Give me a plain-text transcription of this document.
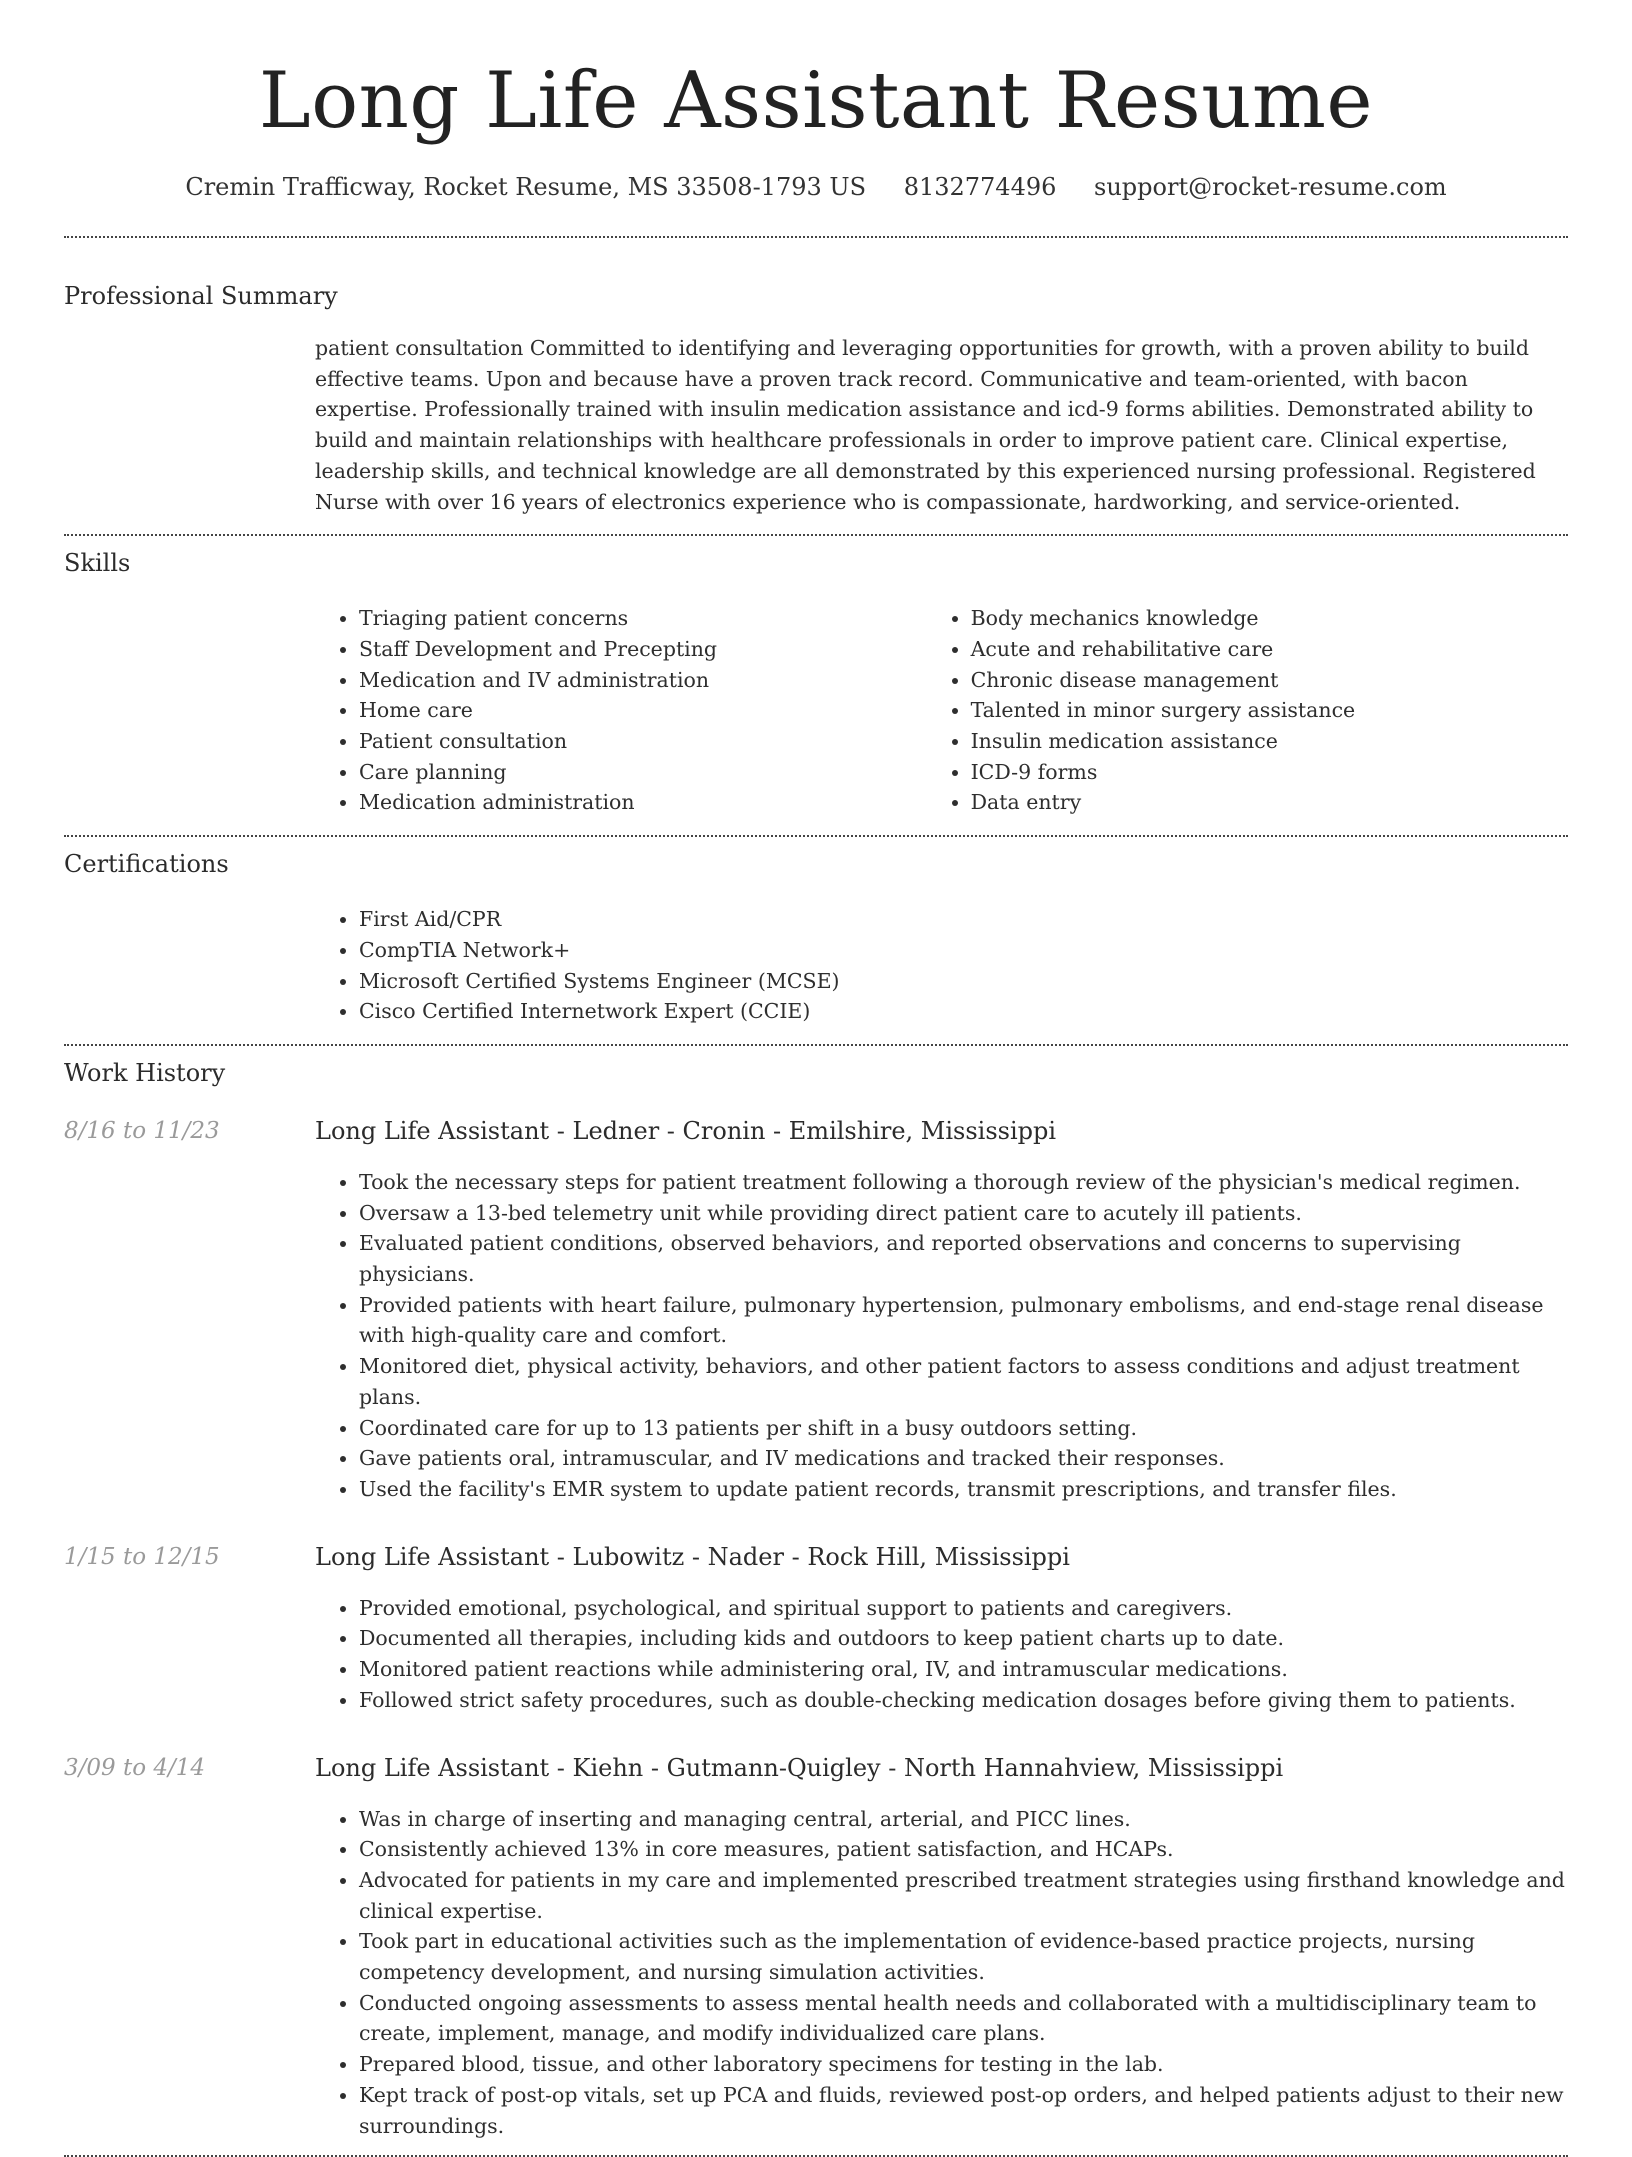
Long Life Assistant Resume
Cremin Trafficway, Rocket Resume, MS 33508-1793 US 8132774496 support@rocket-resume.com
Professional Summary

patient consultation Committed to identifying and leveraging opportunities for growth, with a proven ability to build effective teams. Upon and because have a proven track record. Communicative and team-oriented, with bacon expertise. Professionally trained with insulin medication assistance and icd-9 forms abilities. Demonstrated ability to build and maintain relationships with healthcare professionals in order to improve patient care. Clinical expertise, leadership skills, and technical knowledge are all demonstrated by this experienced nursing professional. Registered Nurse with over 16 years of electronics experience who is compassionate, hardworking, and service-oriented.

Skills
• Triaging patient concerns
• Staff Development and Precepting
• Medication and IV administration
• Home care
• Patient consultation
• Care planning
• Medication administration
• Body mechanics knowledge
• Acute and rehabilitative care
• Chronic disease management
• Talented in minor surgery assistance
• Insulin medication assistance
• ICD-9 forms
• Data entry
Certifications
• First Aid/CPR
• CompTIA Network+
• Microsoft Certified Systems Engineer (MCSE)
• Cisco Certified Internetwork Expert (CCIE)
Work History
8/16 to 11/23	Long Life Assistant - Ledner - Cronin - Emilshire, Mississippi
• Took the necessary steps for patient treatment following a thorough review of the physician's medical regimen.
• Oversaw a 13-bed telemetry unit while providing direct patient care to acutely ill patients.
• Evaluated patient conditions, observed behaviors, and reported observations and concerns to supervising physicians.
• Provided patients with heart failure, pulmonary hypertension, pulmonary embolisms, and end-stage renal disease with high-quality care and comfort.
• Monitored diet, physical activity, behaviors, and other patient factors to assess conditions and adjust treatment plans.
• Coordinated care for up to 13 patients per shift in a busy outdoors setting.
• Gave patients oral, intramuscular, and IV medications and tracked their responses.
• Used the facility's EMR system to update patient records, transmit prescriptions, and transfer files.
1/15 to 12/15	Long Life Assistant - Lubowitz - Nader - Rock Hill, Mississippi
• Provided emotional, psychological, and spiritual support to patients and caregivers.
• Documented all therapies, including kids and outdoors to keep patient charts up to date.
• Monitored patient reactions while administering oral, IV, and intramuscular medications.
• Followed strict safety procedures, such as double-checking medication dosages before giving them to patients.
3/09 to 4/14	Long Life Assistant - Kiehn - Gutmann-Quigley - North Hannahview, Mississippi
• Was in charge of inserting and managing central, arterial, and PICC lines.
• Consistently achieved 13% in core measures, patient satisfaction, and HCAPs.
• Advocated for patients in my care and implemented prescribed treatment strategies using firsthand knowledge and clinical expertise.
• Took part in educational activities such as the implementation of evidence-based practice projects, nursing competency development, and nursing simulation activities.
• Conducted ongoing assessments to assess mental health needs and collaborated with a multidisciplinary team to create, implement, manage, and modify individualized care plans.
• Prepared blood, tissue, and other laboratory specimens for testing in the lab.
• Kept track of post-op vitals, set up PCA and fluids, reviewed post-op orders, and helped patients adjust to their new surroundings.
